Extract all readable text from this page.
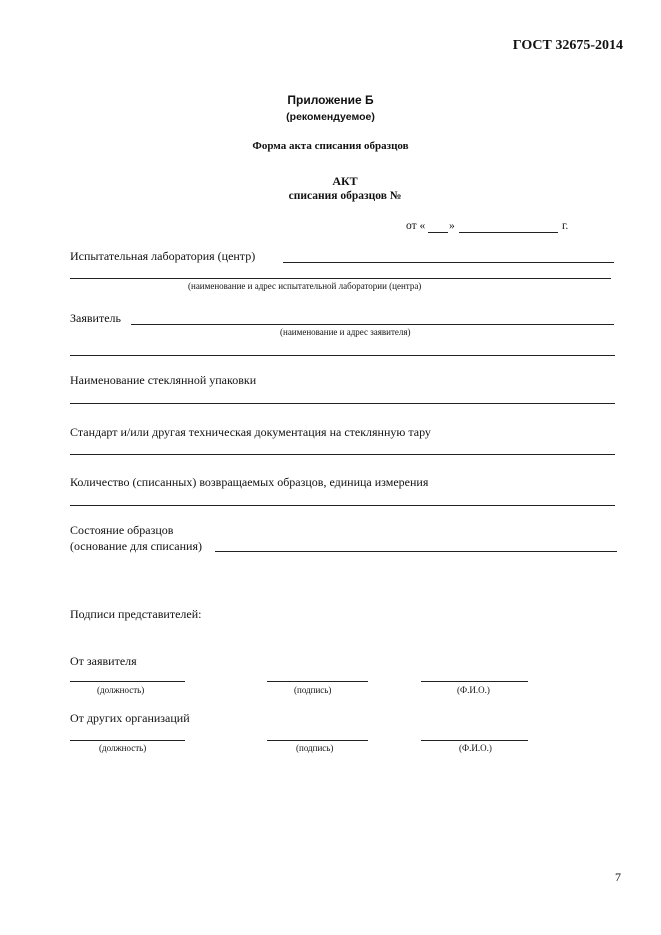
ГОСТ 32675-2014
Приложение Б
(рекомендуемое)
Форма акта списания образцов
АКТ
списания образцов №
от « »	г.
Испытательная лаборатория (центр)
(наименование и адрес испытательной лаборатории (центра)
Заявитель
(наименование и адрес заявителя)
Наименование стеклянной упаковки
Стандарт и/или другая техническая документация на стеклянную тару
Количество (списанных) возвращаемых образцов, единица измерения
Состояние образцов
(основание для списания)
Подписи представителей:
От заявителя
(должность)	(подпись)	(Ф.И.О.)
От других организаций
(должность)	(подпись)	(Ф.И.О.)
7
